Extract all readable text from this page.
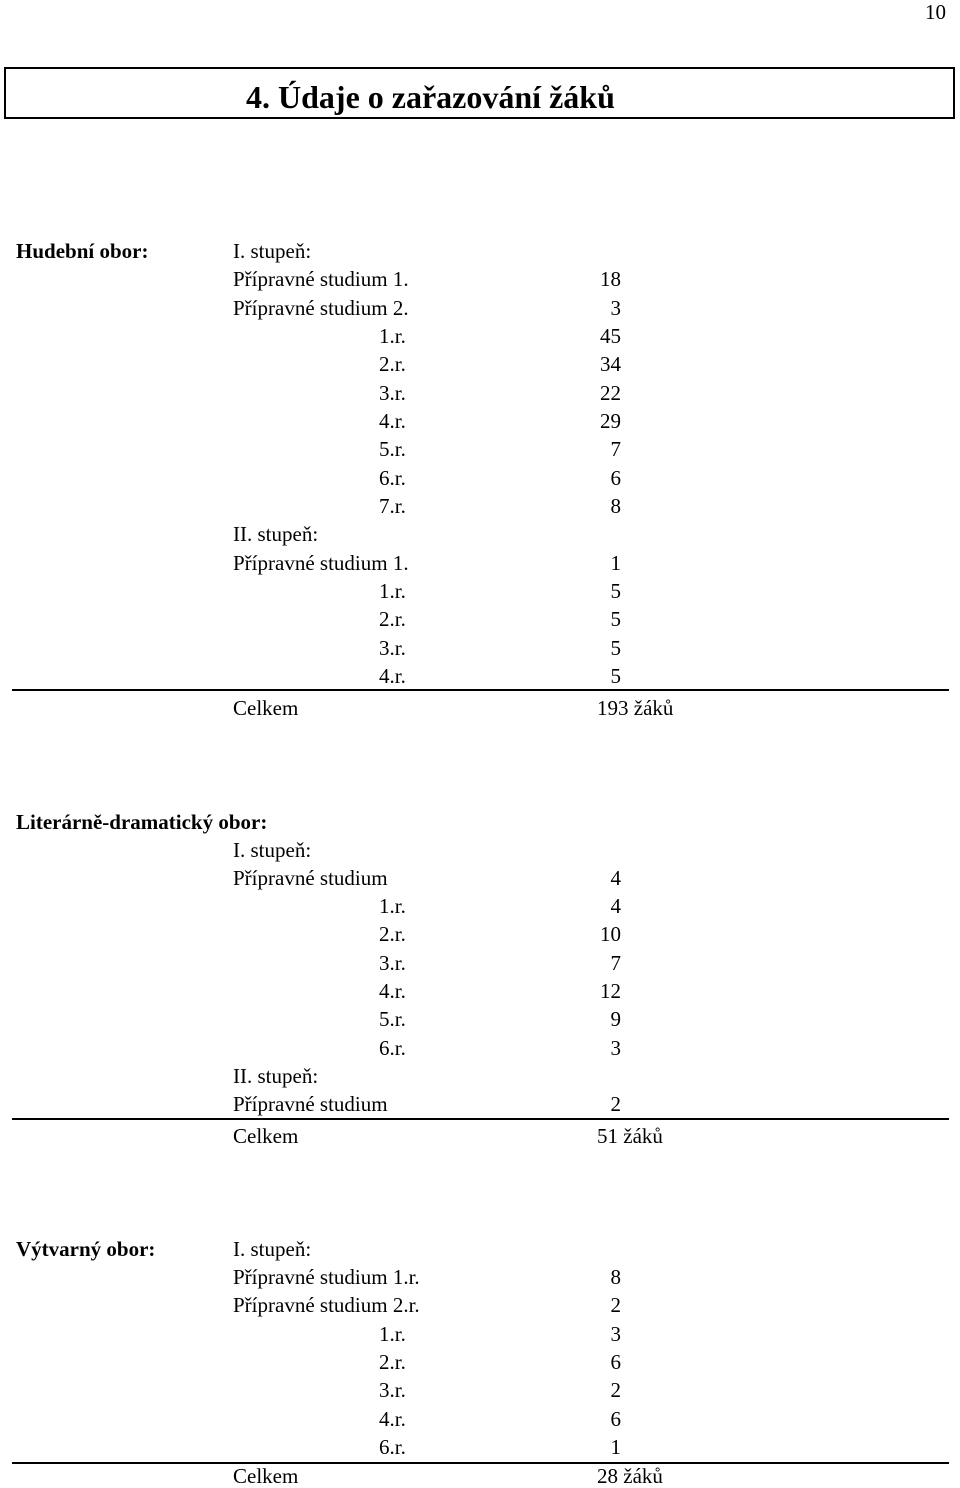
10
4. Údaje o zařazování žáků
Hudební obor:	I. stupeň:
Přípravné studium 1.	18
Přípravné studium 2.	3
1.r.	45
2.r.	34
3.r.	22
4.r.	29
5.r.	7
6.r.	6
7.r.	8
II. stupeň:
Přípravné studium 1.	1
1.r.	5
2.r.	5
3.r.	5
4.r.	5
Celkem	193 žáků
Literárně-dramatický obor:
I. stupeň:
Přípravné studium	4
1.r.	4
2.r.	10
3.r.	7
4.r.	12
5.r.	9
6.r.	3
II. stupeň:
Přípravné studium	2
Celkem	51 žáků
Výtvarný obor:	I. stupeň:
Přípravné studium 1.r.	8
Přípravné studium 2.r.	2
1.r.	3
2.r.	6
3.r.	2
4.r.	6
6.r.	1
Celkem	28 žáků
